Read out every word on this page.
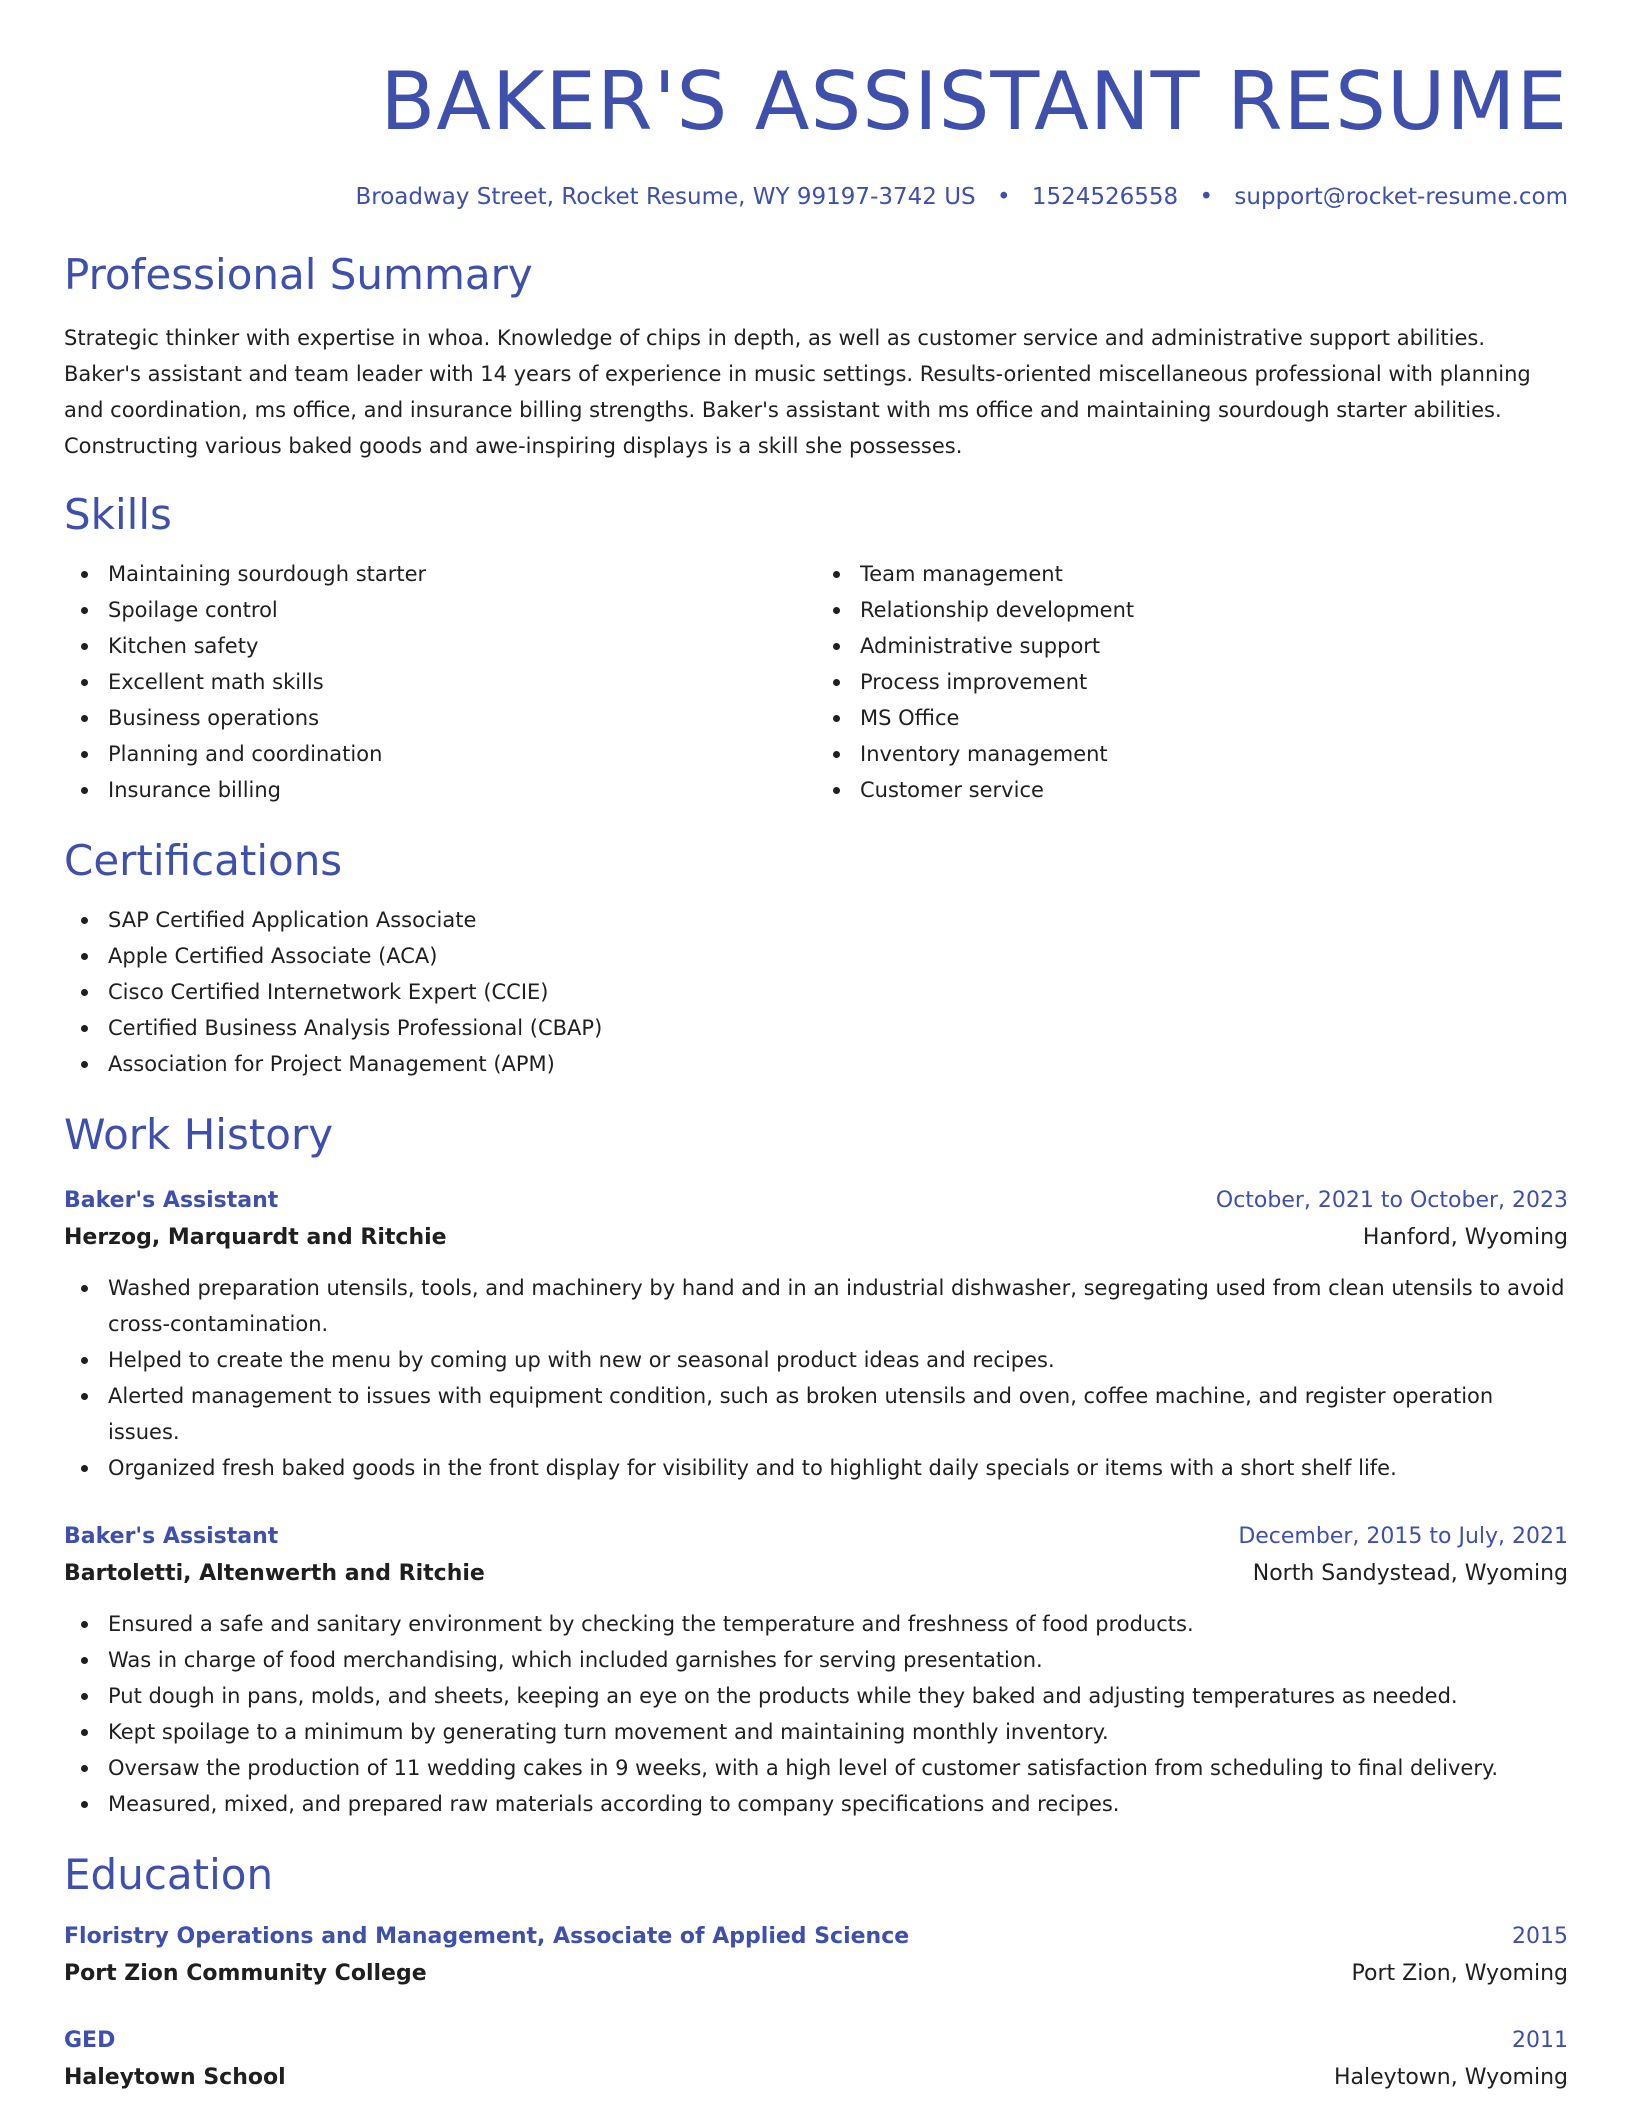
BAKER'S ASSISTANT RESUME
Broadway Street, Rocket Resume, WY 99197-3742 US • 1524526558 • support@rocket-resume.com
Professional Summary

Strategic thinker with expertise in whoa. Knowledge of chips in depth, as well as customer service and administrative support abilities. Baker's assistant and team leader with 14 years of experience in music settings. Results-oriented miscellaneous professional with planning and coordination, ms office, and insurance billing strengths. Baker's assistant with ms office and maintaining sourdough starter abilities. Constructing various baked goods and awe-inspiring displays is a skill she possesses.

Skills
Maintaining sourdough starter
Spoilage control
Kitchen safety
Excellent math skills
Business operations
Planning and coordination
Insurance billing
Team management
Relationship development
Administrative support
Process improvement
MS Office
Inventory management
Customer service
Certifications
SAP Certified Application Associate
Apple Certified Associate (ACA)
Cisco Certified Internetwork Expert (CCIE)
Certified Business Analysis Professional (CBAP)
Association for Project Management (APM)
Work History
Baker's Assistant	October, 2021 to October, 2023
Herzog, Marquardt and Ritchie	Hanford, Wyoming
Washed preparation utensils, tools, and machinery by hand and in an industrial dishwasher, segregating used from clean utensils to avoid cross-contamination.
Helped to create the menu by coming up with new or seasonal product ideas and recipes.
Alerted management to issues with equipment condition, such as broken utensils and oven, coffee machine, and register operation issues.
Organized fresh baked goods in the front display for visibility and to highlight daily specials or items with a short shelf life.
Baker's Assistant	December, 2015 to July, 2021
Bartoletti, Altenwerth and Ritchie	North Sandystead, Wyoming
Ensured a safe and sanitary environment by checking the temperature and freshness of food products.
Was in charge of food merchandising, which included garnishes for serving presentation.
Put dough in pans, molds, and sheets, keeping an eye on the products while they baked and adjusting temperatures as needed.
Kept spoilage to a minimum by generating turn movement and maintaining monthly inventory.
Oversaw the production of 11 wedding cakes in 9 weeks, with a high level of customer satisfaction from scheduling to final delivery.
Measured, mixed, and prepared raw materials according to company specifications and recipes.
Education
Floristry Operations and Management, Associate of Applied Science	2015
Port Zion Community College	Port Zion, Wyoming
GED	2011
Haleytown School	Haleytown, Wyoming
